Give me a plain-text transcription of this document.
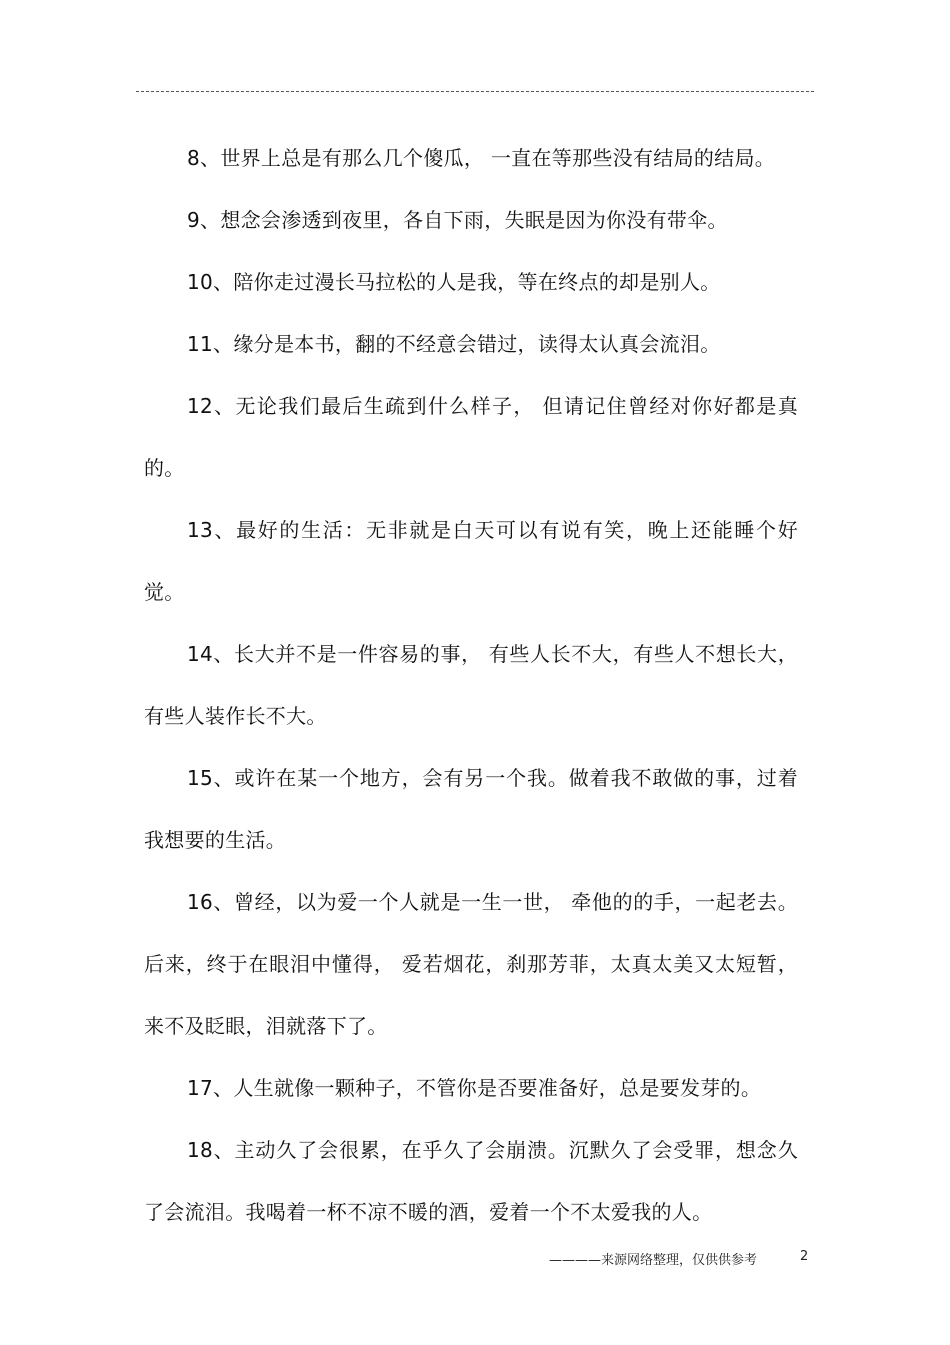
8、世界上总是有那么几个傻瓜， 一直在等那些没有结局的结局。

9、想念会渗透到夜里，各自下雨，失眠是因为你没有带伞。

10、陪你走过漫长马拉松的人是我，等在终点的却是别人。

11、缘分是本书，翻的不经意会错过，读得太认真会流泪。

12、无论我们最后生疏到什么样子， 但请记住曾经对你好都是真的。

13、最好的生活：无非就是白天可以有说有笑，晚上还能睡个好觉。

14、长大并不是一件容易的事， 有些人长不大，有些人不想长大，有些人装作长不大。

15、或许在某一个地方，会有另一个我。做着我不敢做的事，过着我想要的生活。

16、曾经，以为爱一个人就是一生一世， 牵他的的手，一起老去。后来，终于在眼泪中懂得， 爱若烟花，刹那芳菲，太真太美又太短暂，来不及眨眼，泪就落下了。

17、人生就像一颗种子，不管你是否要准备好，总是要发芽的。

18、主动久了会很累，在乎久了会崩溃。沉默久了会受罪，想念久了会流泪。我喝着一杯不凉不暖的酒，爱着一个不太爱我的人。

————来源网络整理，仅供供参考	2
